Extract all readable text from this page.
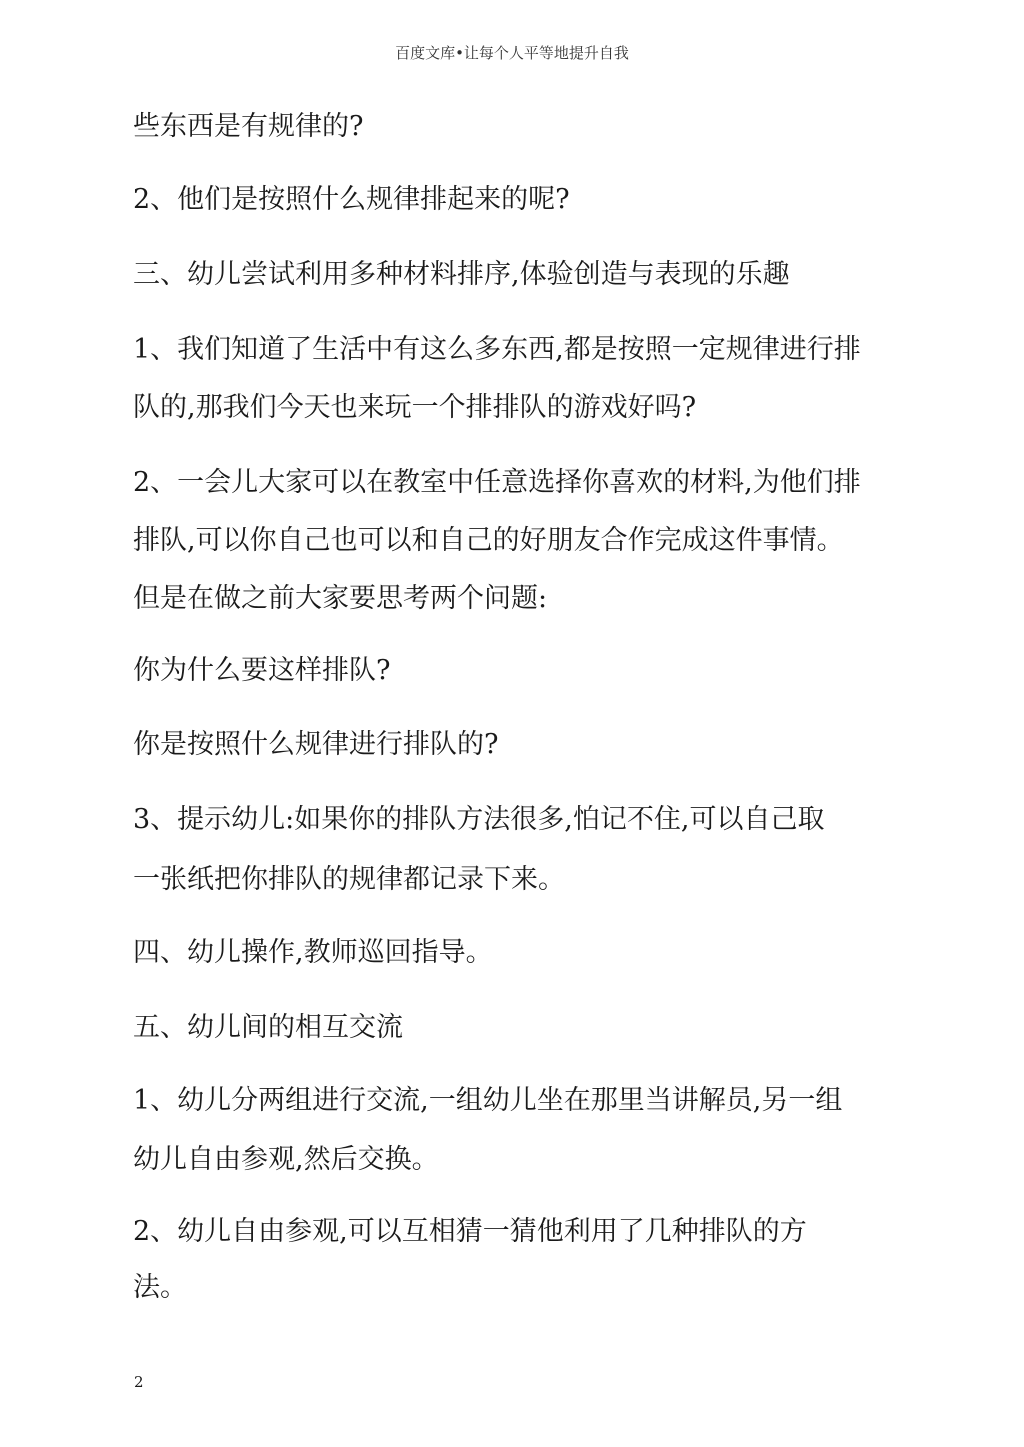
百度文库•让每个人平等地提升自我
些东西是有规律的?
2、他们是按照什么规律排起来的呢?
三、幼儿尝试利用多种材料排序,体验创造与表现的乐趣
1、我们知道了生活中有这么多东西,都是按照一定规律进行排
队的,那我们今天也来玩一个排排队的游戏好吗?
2、一会儿大家可以在教室中任意选择你喜欢的材料,为他们排
排队,可以你自己也可以和自己的好朋友合作完成这件事情。
但是在做之前大家要思考两个问题:
你为什么要这样排队?
你是按照什么规律进行排队的?
3、提示幼儿:如果你的排队方法很多,怕记不住,可以自己取
一张纸把你排队的规律都记录下来。
四、幼儿操作,教师巡回指导。
五、幼儿间的相互交流
1、幼儿分两组进行交流,一组幼儿坐在那里当讲解员,另一组
幼儿自由参观,然后交换。
2、幼儿自由参观,可以互相猜一猜他利用了几种排队的方
法。
2
